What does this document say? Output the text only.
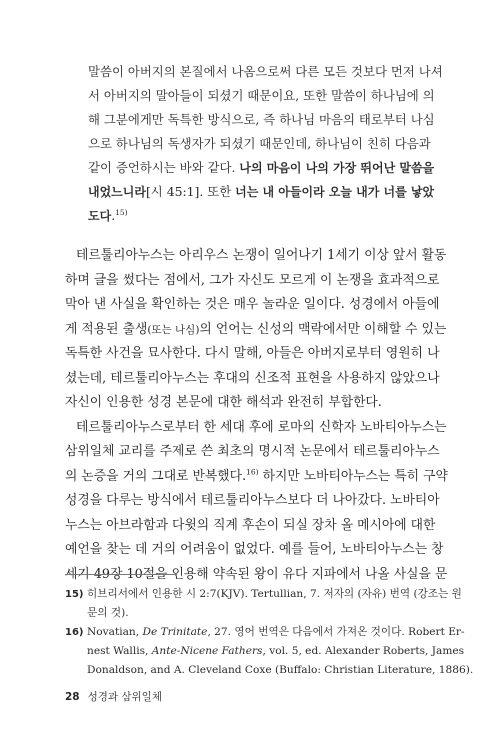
말씀이 아버지의 본질에서 나옴으로써 다른 모든 것보다 먼저 나셔
서 아버지의 말아들이 되셨기 때문이요, 또한 말씀이 하나님에 의
해 그분에게만 독특한 방식으로, 즉 하나님 마음의 태로부터 나심
으로 하나님의 독생자가 되셨기 때문인데, 하나님이 친히 다음과
같이 증언하시는 바와 같다. 나의 마음이 나의 가장 뛰어난 말씀을
내었느니라[시 45:1]. 또한 너는 내 아들이라 오늘 내가 너를 낳았
도다.$^{15)}$
테르툴리아누스는 아리우스 논쟁이 일어나기 1세기 이상 앞서 활동
하며 글을 썼다는 점에서, 그가 자신도 모르게 이 논쟁을 효과적으로
막아 낸 사실을 확인하는 것은 매우 놀라운 일이다. 성경에서 아들에
게 적용된 출생(또는 나심)의 언어는 신성의 맥락에서만 이해할 수 있는
독특한 사건을 묘사한다. 다시 말해, 아들은 아버지로부터 영원히 나
셨는데, 테르툴리아누스는 후대의 신조적 표현을 사용하지 않았으나
자신이 인용한 성경 본문에 대한 해석과 완전히 부합한다.
테르툴리아누스로부터 한 세대 후에 로마의 신학자 노바티아누스는
삼위일체 교리를 주제로 쓴 최초의 명시적 논문에서 테르툴리아누스
의 논증을 거의 그대로 반복했다.$^{16)}$ 하지만 노바티아누스는 특히 구약
성경을 다루는 방식에서 테르툴리아누스보다 더 나아갔다. 노바티아
누스는 아브라함과 다윗의 직계 후손이 되실 장차 올 메시아에 대한
예언을 찾는 데 거의 어려움이 없었다. 예를 들어, 노바티아누스는 창
세기 49장 10절을 인용해 약속된 왕이 유다 지파에서 나올 사실을 문
15) 히브리서에서 인용한 시 2:7(KJV). Tertullian, 7. 저자의 (자유) 번역 (강조는 원
문의 것).
16) Novatian, De Trinitate, 27. 영어 번역은 다음에서 가져온 것이다. Robert Er-
nest Wallis, Ante-Nicene Fathers, vol. 5, ed. Alexander Roberts, James
Donaldson, and A. Cleveland Coxe (Buffalo: Christian Literature, 1886).
28 성경과 삼위일체
